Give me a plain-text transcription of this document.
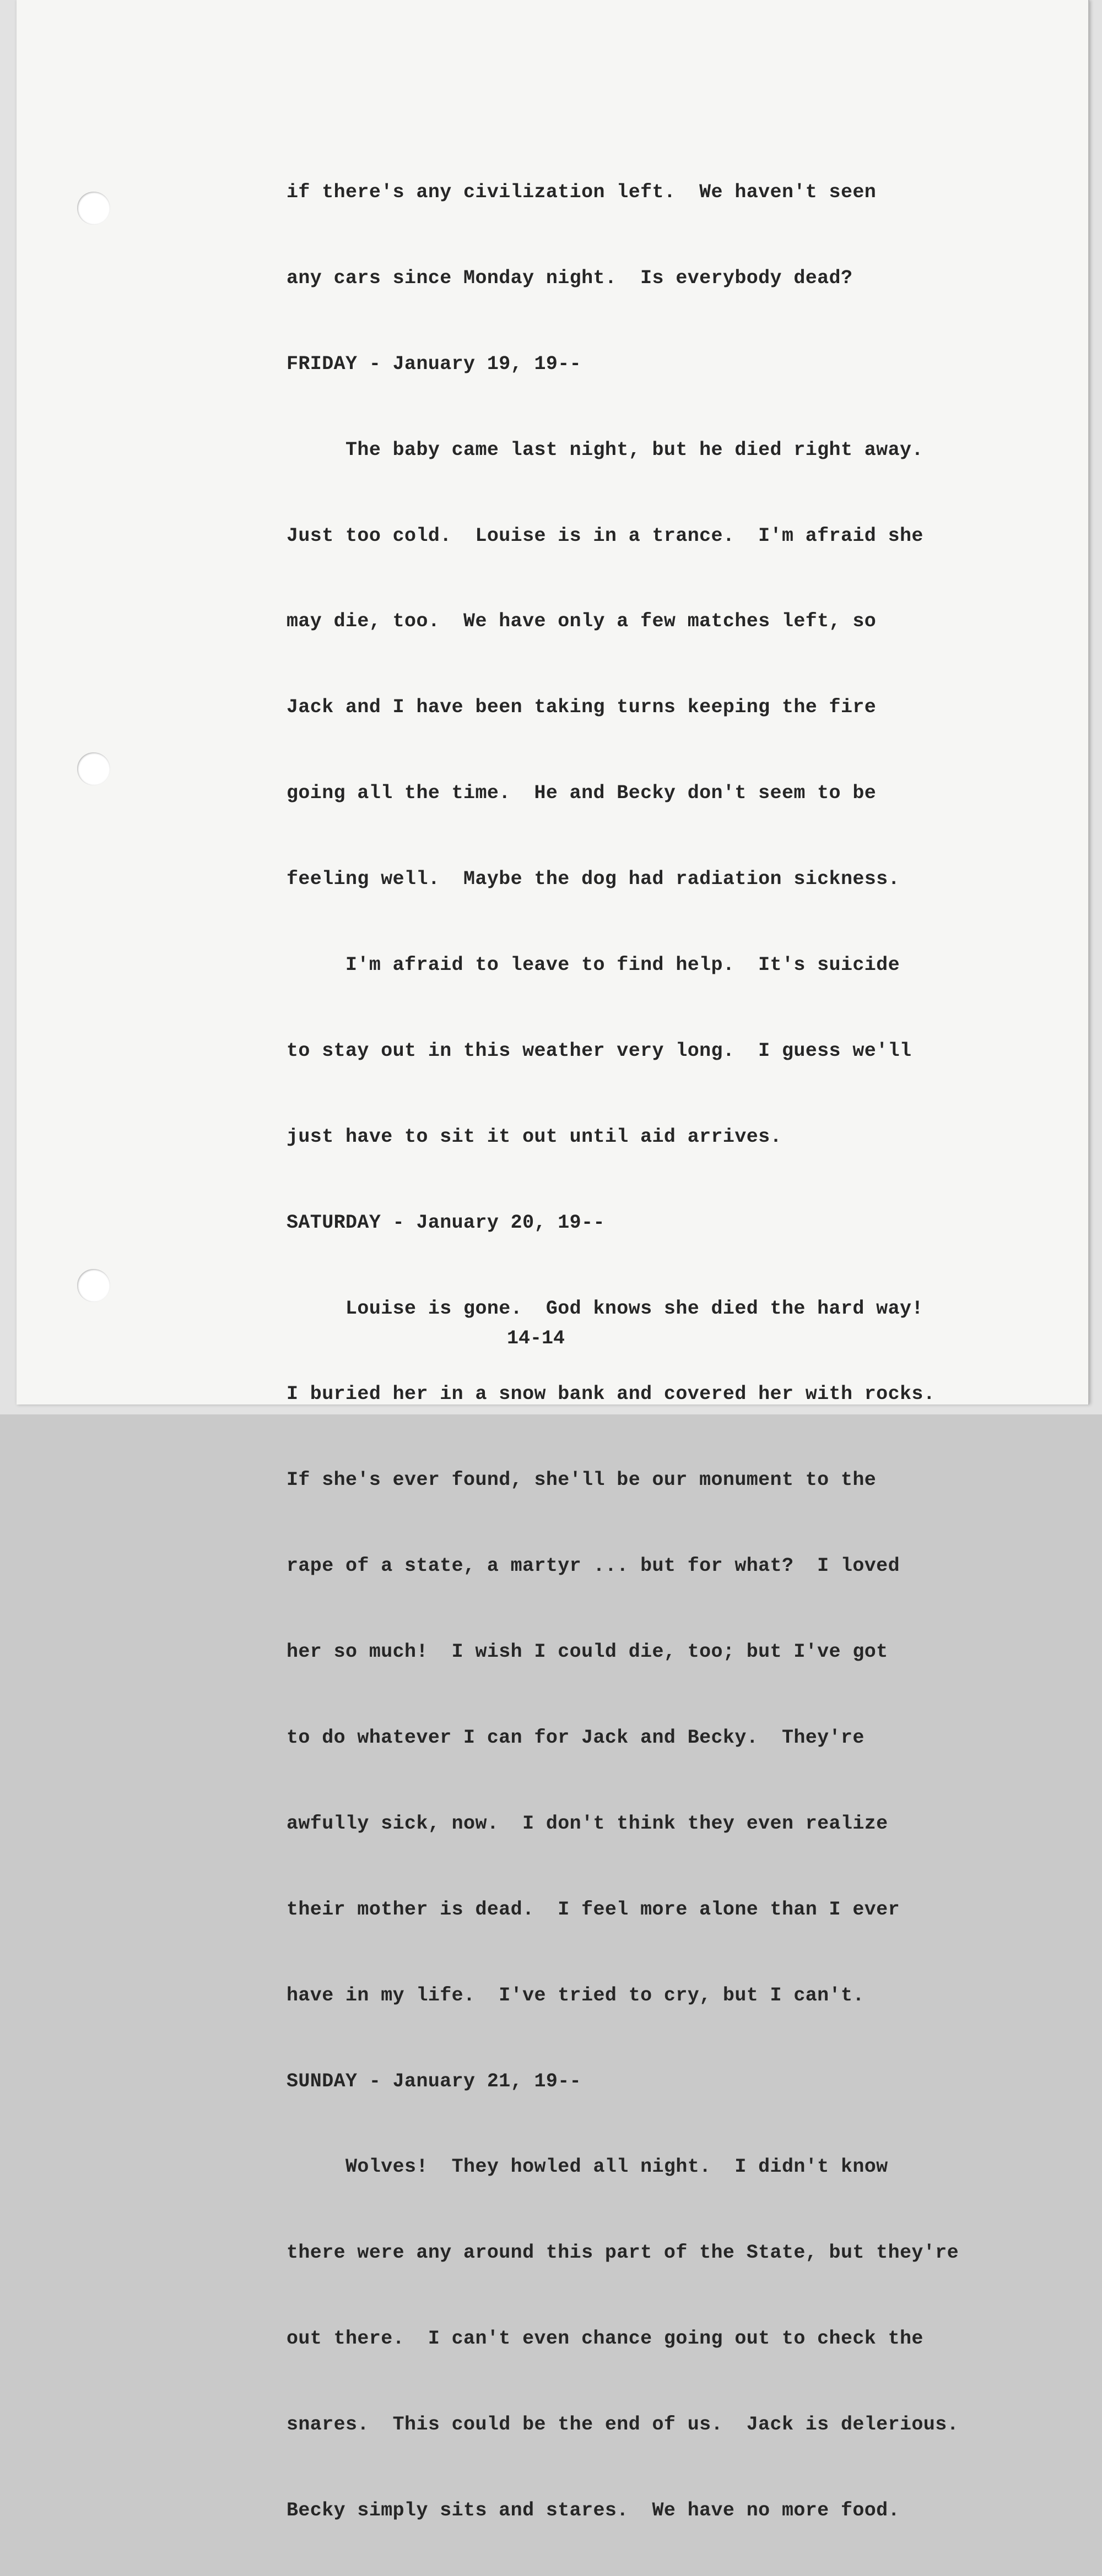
if there's any civilization left.  We haven't seen

any cars since Monday night.  Is everybody dead?

FRIDAY - January 19, 19--

The baby came last night, but he died right away.

Just too cold.  Louise is in a trance.  I'm afraid she

may die, too.  We have only a few matches left, so

Jack and I have been taking turns keeping the fire

going all the time.  He and Becky don't seem to be

feeling well.  Maybe the dog had radiation sickness.

I'm afraid to leave to find help.  It's suicide

to stay out in this weather very long.  I guess we'll

just have to sit it out until aid arrives.

SATURDAY - January 20, 19--

Louise is gone.  God knows she died the hard way!

I buried her in a snow bank and covered her with rocks.

If she's ever found, she'll be our monument to the

rape of a state, a martyr ... but for what?  I loved

her so much!  I wish I could die, too; but I've got

to do whatever I can for Jack and Becky.  They're

awfully sick, now.  I don't think they even realize

their mother is dead.  I feel more alone than I ever

have in my life.  I've tried to cry, but I can't.

SUNDAY - January 21, 19--

Wolves!  They howled all night.  I didn't know

there were any around this part of the State, but they're

out there.  I can't even chance going out to check the

snares.  This could be the end of us.  Jack is delerious.

Becky simply sits and stares.  We have no more food.

14-14
